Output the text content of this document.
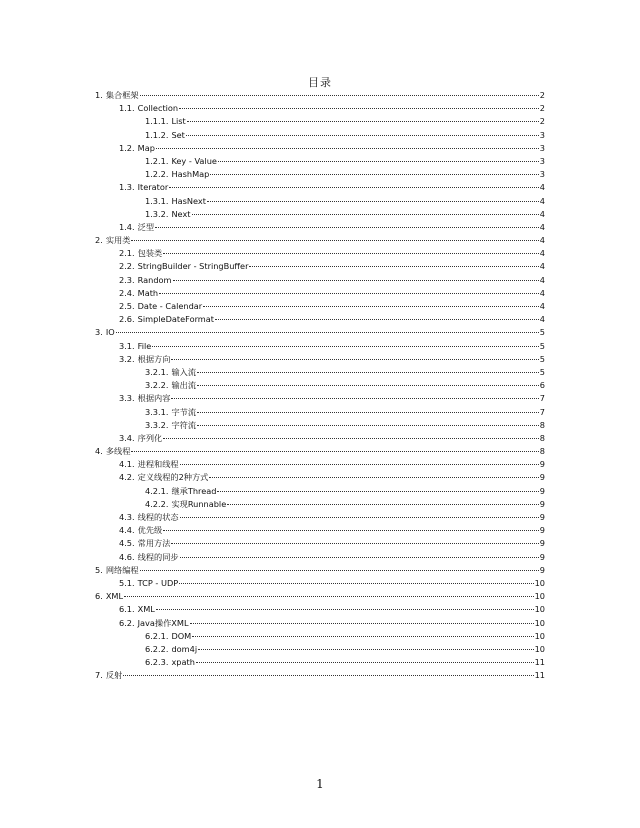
目录
1. 集合框架	2
1.1. Collection	2
1.1.1. List	2
1.1.2. Set	3
1.2. Map	3
1.2.1. Key - Value	3
1.2.2. HashMap	3
1.3. Iterator	4
1.3.1. HasNext	4
1.3.2. Next	4
1.4. 泛型	4
2. 实用类	4
2.1. 包装类	4
2.2. StringBuilder - StringBuffer	4
2.3. Random	4
2.4. Math	4
2.5. Date - Calendar	4
2.6. SimpleDateFormat	4
3. IO	5
3.1. File	5
3.2. 根据方向	5
3.2.1. 输入流	5
3.2.2. 输出流	6
3.3. 根据内容	7
3.3.1. 字节流	7
3.3.2. 字符流	8
3.4. 序列化	8
4. 多线程	8
4.1. 进程和线程	9
4.2. 定义线程的2种方式	9
4.2.1. 继承Thread	9
4.2.2. 实现Runnable	9
4.3. 线程的状态	9
4.4. 优先级	9
4.5. 常用方法	9
4.6. 线程的同步	9
5. 网络编程	9
5.1. TCP - UDP	10
6. XML	10
6.1. XML	10
6.2. Java操作XML	10
6.2.1. DOM	10
6.2.2. dom4j	10
6.2.3. xpath	11
7. 反射	11
1
